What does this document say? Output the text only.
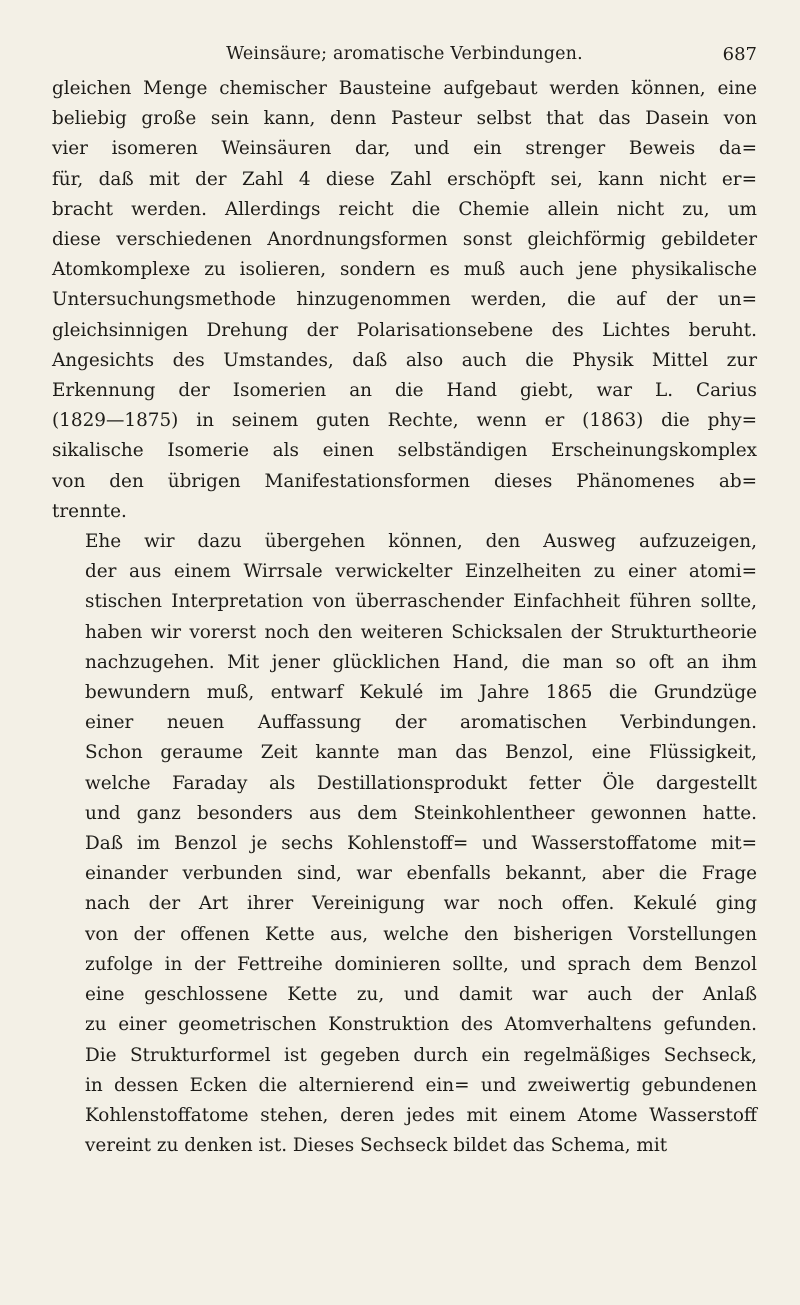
Weinsäure; aromatische Verbindungen.	687

gleichen Menge chemischer Bausteine aufgebaut werden können, eine
beliebig große sein kann, denn Pasteur selbst that das Dasein von
vier isomeren Weinsäuren dar, und ein strenger Beweis da=
für, daß mit der Zahl 4 diese Zahl erschöpft sei, kann nicht er=
bracht werden. Allerdings reicht die Chemie allein nicht zu, um
diese verschiedenen Anordnungsformen sonst gleichförmig gebildeter
Atomkomplexe zu isolieren, sondern es muß auch jene physikalische
Untersuchungsmethode hinzugenommen werden, die auf der un=
gleichsinnigen Drehung der Polarisationsebene des Lichtes beruht.
Angesichts des Umstandes, daß also auch die Physik Mittel zur
Erkennung der Isomerien an die Hand giebt, war L. Carius
(1829—1875) in seinem guten Rechte, wenn er (1863) die phy=
sikalische Isomerie als einen selbständigen Erscheinungskomplex
von den übrigen Manifestationsformen dieses Phänomenes ab=
trennte.

Ehe wir dazu übergehen können, den Ausweg aufzuzeigen,
der aus einem Wirrsale verwickelter Einzelheiten zu einer atomi=
stischen Interpretation von überraschender Einfachheit führen sollte,
haben wir vorerst noch den weiteren Schicksalen der Strukturtheorie
nachzugehen. Mit jener glücklichen Hand, die man so oft an ihm
bewundern muß, entwarf Kekulé im Jahre 1865 die Grundzüge
einer neuen Auffassung der aromatischen Verbindungen.
Schon geraume Zeit kannte man das Benzol, eine Flüssigkeit,
welche Faraday als Destillationsprodukt fetter Öle dargestellt
und ganz besonders aus dem Steinkohlentheer gewonnen hatte.
Daß im Benzol je sechs Kohlenstoff= und Wasserstoffatome mit=
einander verbunden sind, war ebenfalls bekannt, aber die Frage
nach der Art ihrer Vereinigung war noch offen. Kekulé ging
von der offenen Kette aus, welche den bisherigen Vorstellungen
zufolge in der Fettreihe dominieren sollte, und sprach dem Benzol
eine geschlossene Kette zu, und damit war auch der Anlaß
zu einer geometrischen Konstruktion des Atomverhaltens gefunden.
Die Strukturformel ist gegeben durch ein regelmäßiges Sechseck,
in dessen Ecken die alternierend ein= und zweiwertig gebundenen
Kohlenstoffatome stehen, deren jedes mit einem Atome Wasserstoff
vereint zu denken ist. Dieses Sechseck bildet das Schema, mit
